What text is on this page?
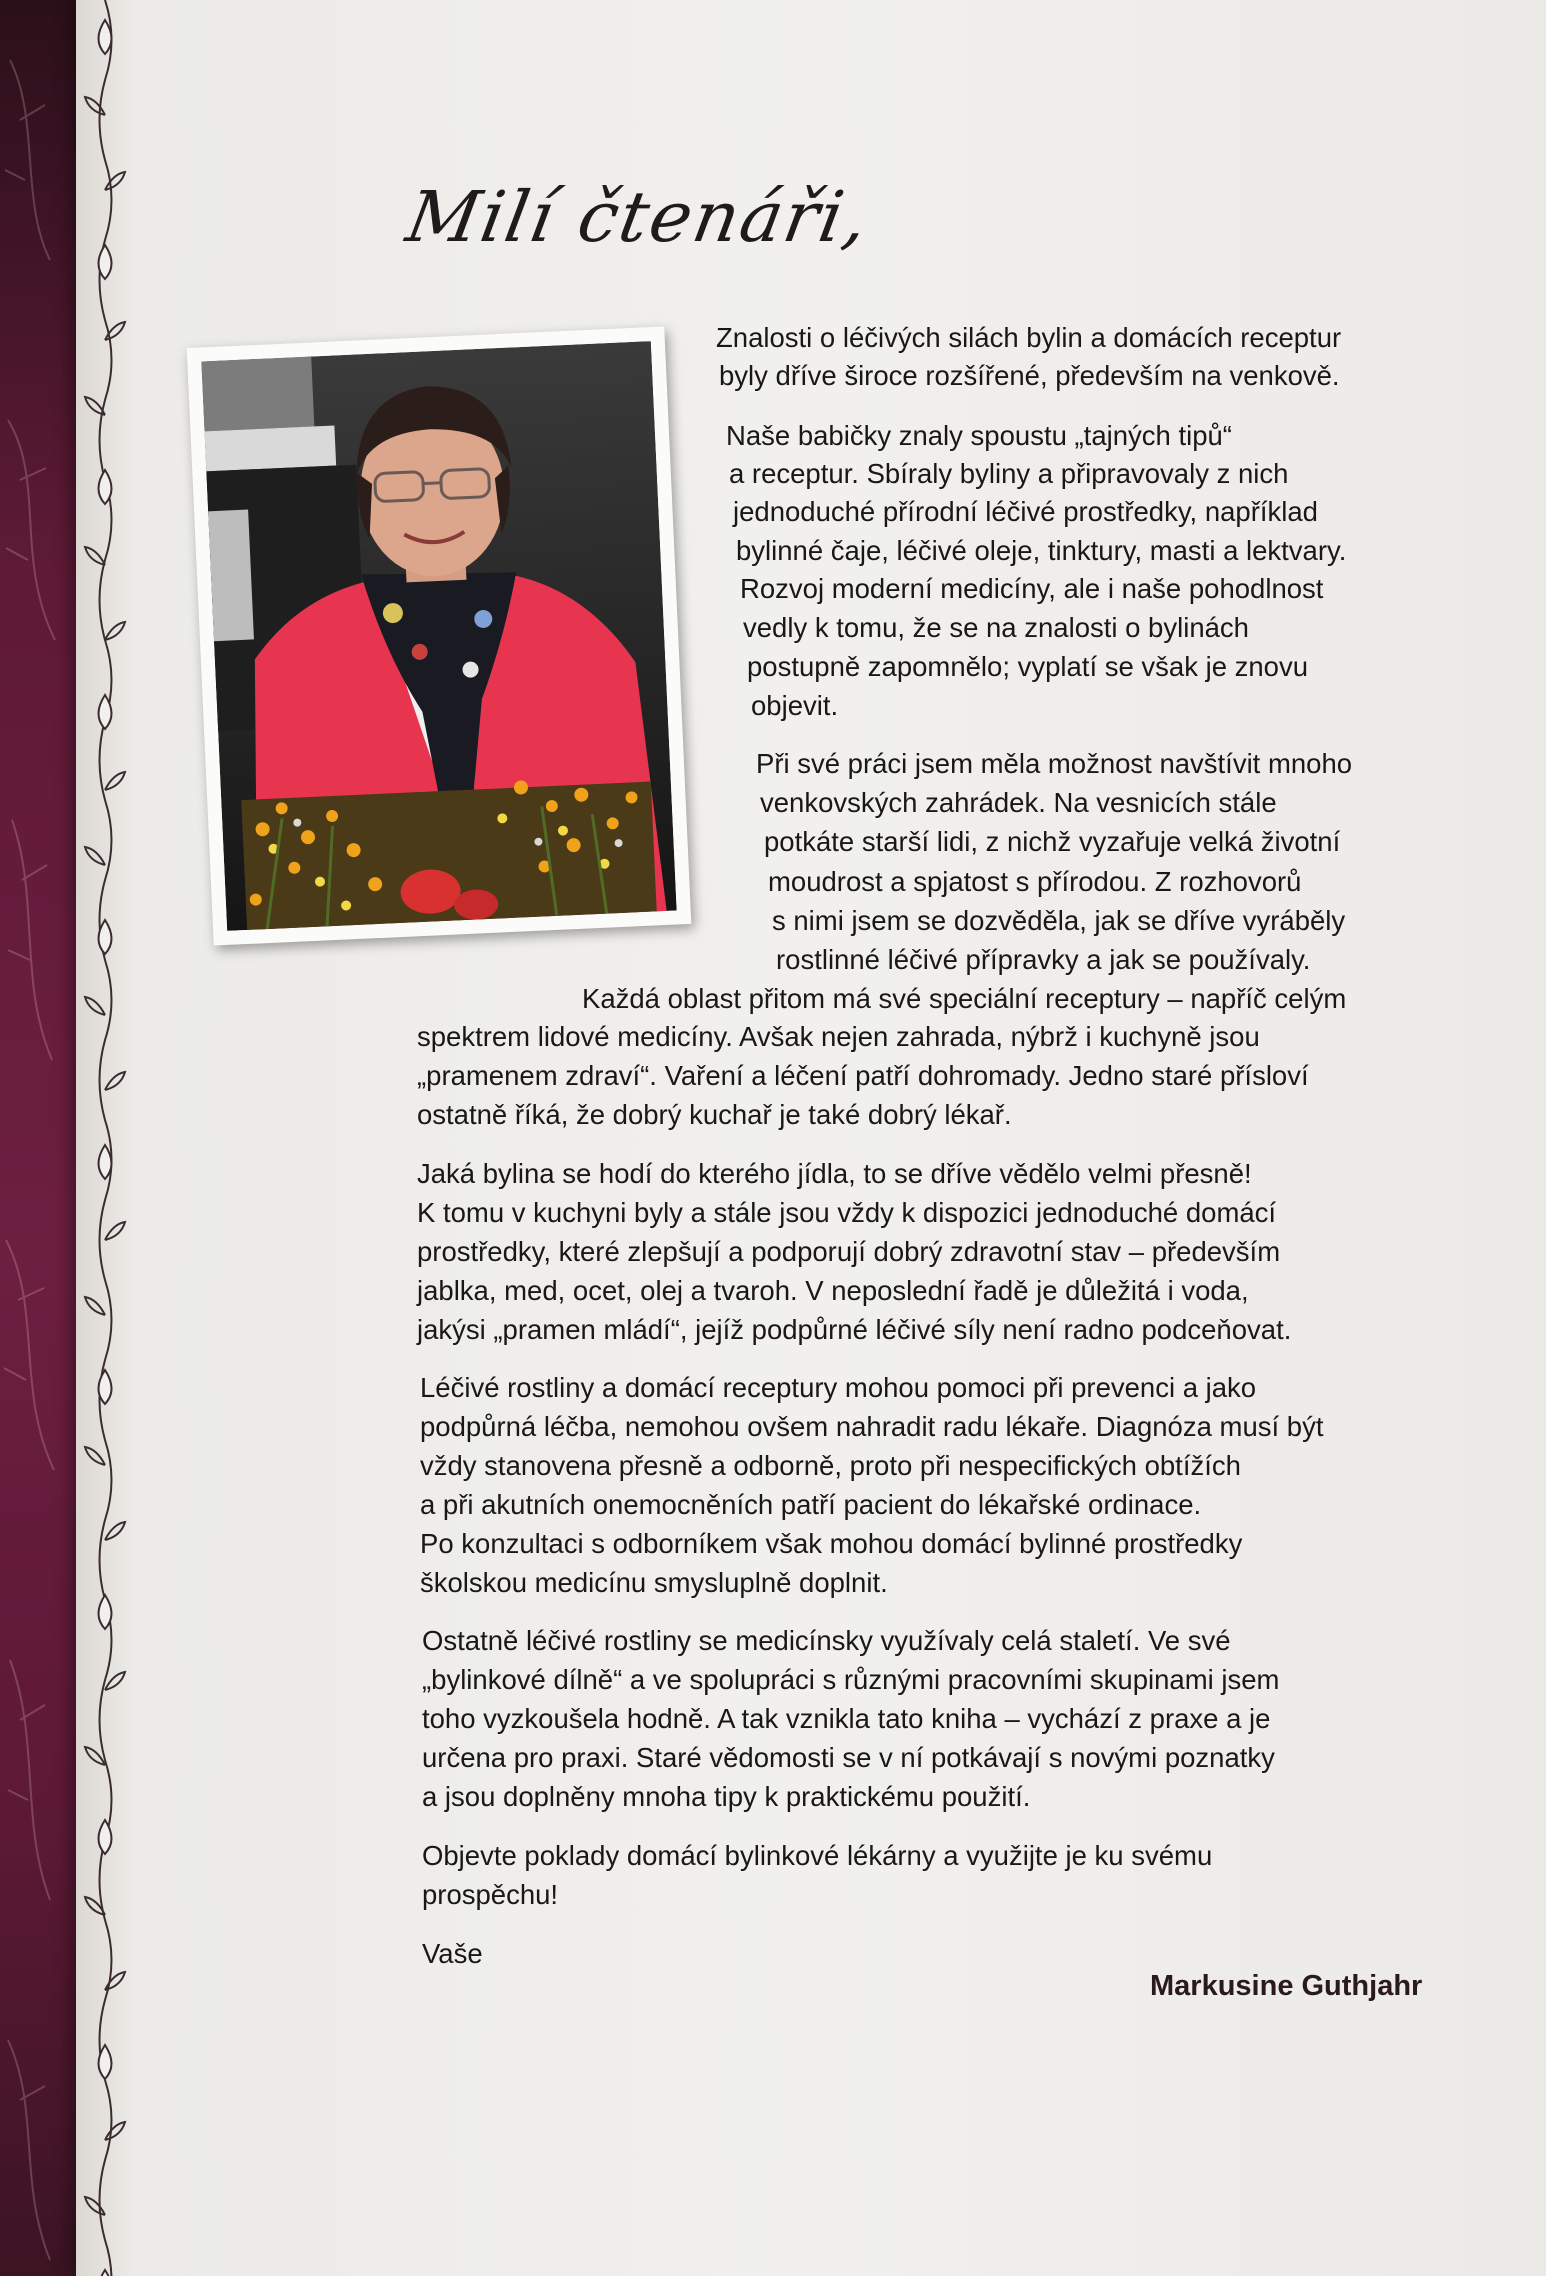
Milí čtenáři,
Znalosti o léčivých silách bylin a domácích receptur
byly dříve široce rozšířené, především na venkově.
Naše babičky znaly spoustu „tajných tipů“
a receptur. Sbíraly byliny a připravovaly z nich
jednoduché přírodní léčivé prostředky, například
bylinné čaje, léčivé oleje, tinktury, masti a lektvary.
Rozvoj moderní medicíny, ale i naše pohodlnost
vedly k tomu, že se na znalosti o bylinách
postupně zapomnělo; vyplatí se však je znovu
objevit.
Při své práci jsem měla možnost navštívit mnoho
venkovských zahrádek. Na vesnicích stále
potkáte starší lidi, z nichž vyzařuje velká životní
moudrost a spjatost s přírodou. Z rozhovorů
s nimi jsem se dozvěděla, jak se dříve vyráběly
rostlinné léčivé přípravky a jak se používaly.
Každá oblast přitom má své speciální receptury – napříč celým
spektrem lidové medicíny. Avšak nejen zahrada, nýbrž i kuchyně jsou
„pramenem zdraví“. Vaření a léčení patří dohromady. Jedno staré přísloví
ostatně říká, že dobrý kuchař je také dobrý lékař.
Jaká bylina se hodí do kterého jídla, to se dříve vědělo velmi přesně!
K tomu v kuchyni byly a stále jsou vždy k dispozici jednoduché domácí
prostředky, které zlepšují a podporují dobrý zdravotní stav – především
jablka, med, ocet, olej a tvaroh. V neposlední řadě je důležitá i voda,
jakýsi „pramen mládí“, jejíž podpůrné léčivé síly není radno podceňovat.
Léčivé rostliny a domácí receptury mohou pomoci při prevenci a jako
podpůrná léčba, nemohou ovšem nahradit radu lékaře. Diagnóza musí být
vždy stanovena přesně a odborně, proto při nespecifických obtížích
a při akutních onemocněních patří pacient do lékařské ordinace.
Po konzultaci s odborníkem však mohou domácí bylinné prostředky
školskou medicínu smysluplně doplnit.
Ostatně léčivé rostliny se medicínsky využívaly celá staletí. Ve své
„bylinkové dílně“ a ve spolupráci s různými pracovními skupinami jsem
toho vyzkoušela hodně. A tak vznikla tato kniha – vychází z praxe a je
určena pro praxi. Staré vědomosti se v ní potkávají s novými poznatky
a jsou doplněny mnoha tipy k praktickému použití.
Objevte poklady domácí bylinkové lékárny a využijte je ku svému
prospěchu!
Vaše
Markusine Guthjahr
